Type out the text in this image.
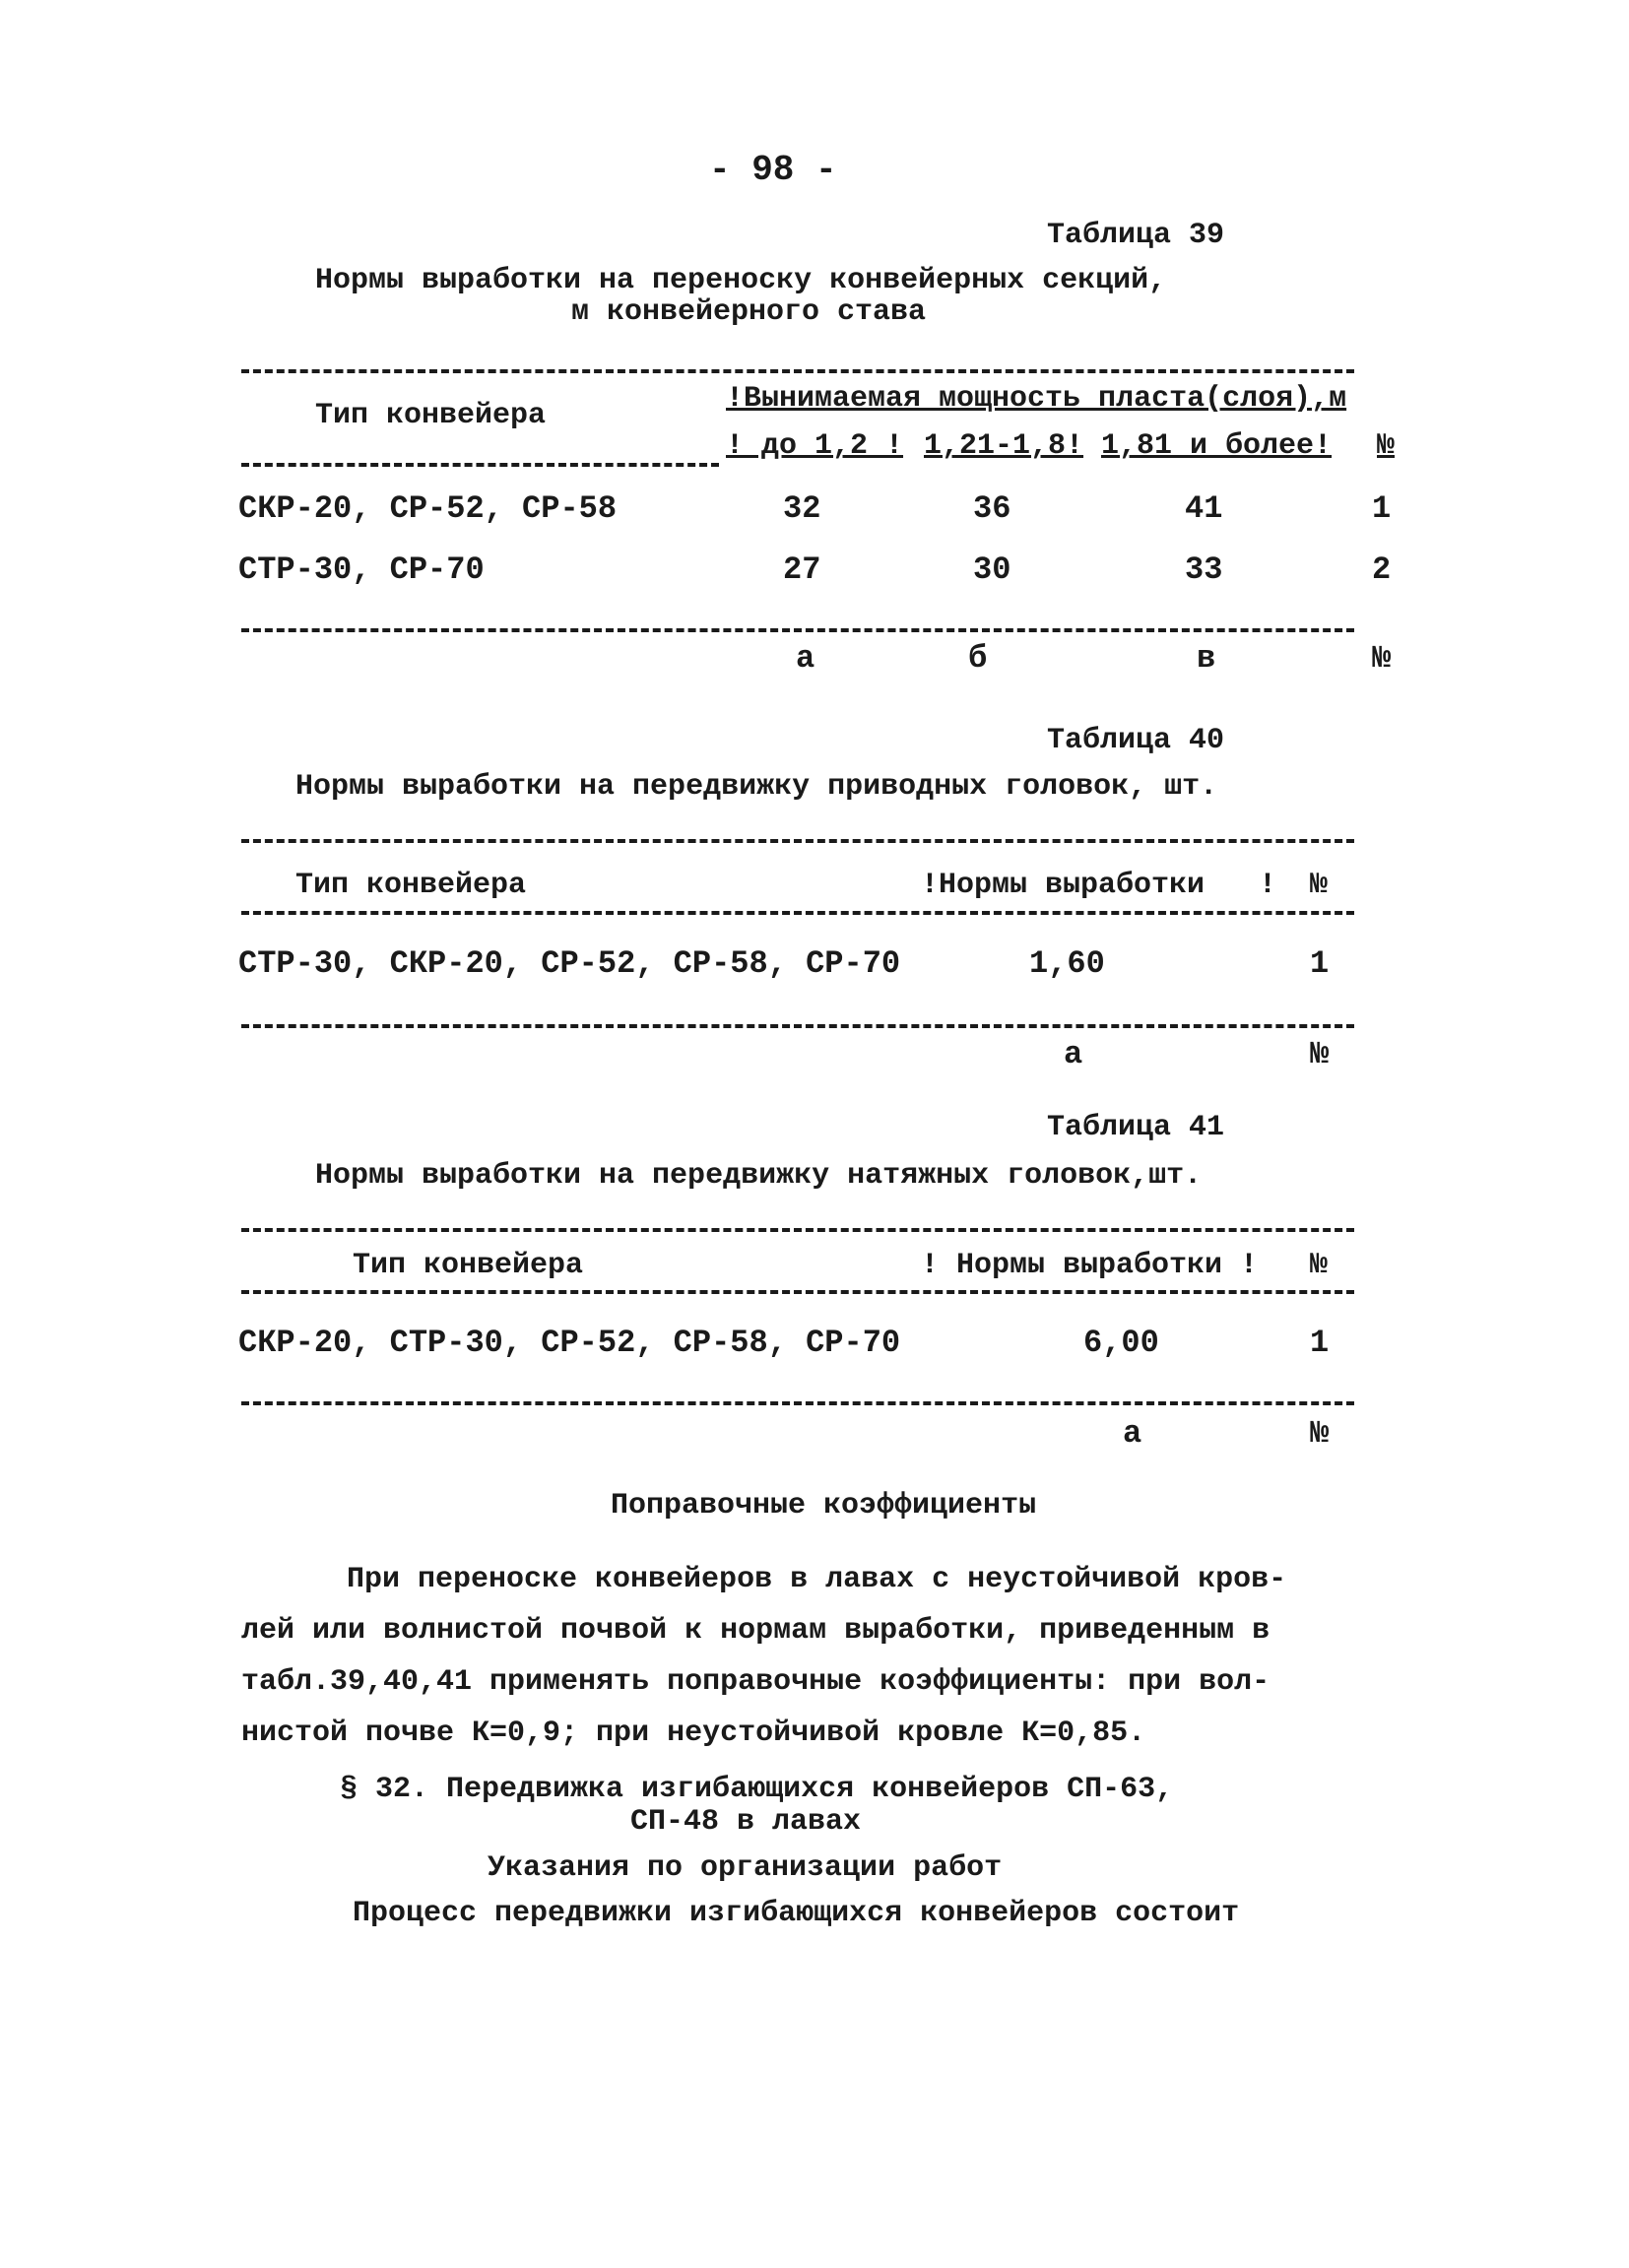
- 98 -
Таблица 39
Нормы выработки на переноску конвейерных секций,
м конвейерного става
Тип конвейера	!Вынимаемая мощность пласта(слоя),м
! до 1,2 ! 1,21-1,8! 1,81 и более! №
СКР-20, СР-52, СР-58	32	36	41	1
СТР-30, СР-70	27	30	33	2
а	б	в	№
Таблица 40
Нормы выработки на передвижку приводных головок, шт.
Тип конвейера	!Нормы выработки ! №
СТР-30, СКР-20, СР-52, СР-58, СР-70	1,60	1
а	№
Таблица 41
Нормы выработки на передвижку натяжных головок,шт.
Тип конвейера	! Нормы выработки ! №
СКР-20, СТР-30, СР-52, СР-58, СР-70	6,00	1
а	№
Поправочные коэффициенты
При переноске конвейеров в лавах с неустойчивой кров-
лей или волнистой почвой к нормам выработки, приведенным в
табл.39,40,41 применять поправочные коэффициенты: при вол-
нистой почве К=0,9; при неустойчивой кровле К=0,85.
§ 32. Передвижка изгибающихся конвейеров СП-63,
СП-48 в лавах
Указания по организации работ
Процесс передвижки изгибающихся конвейеров состоит
